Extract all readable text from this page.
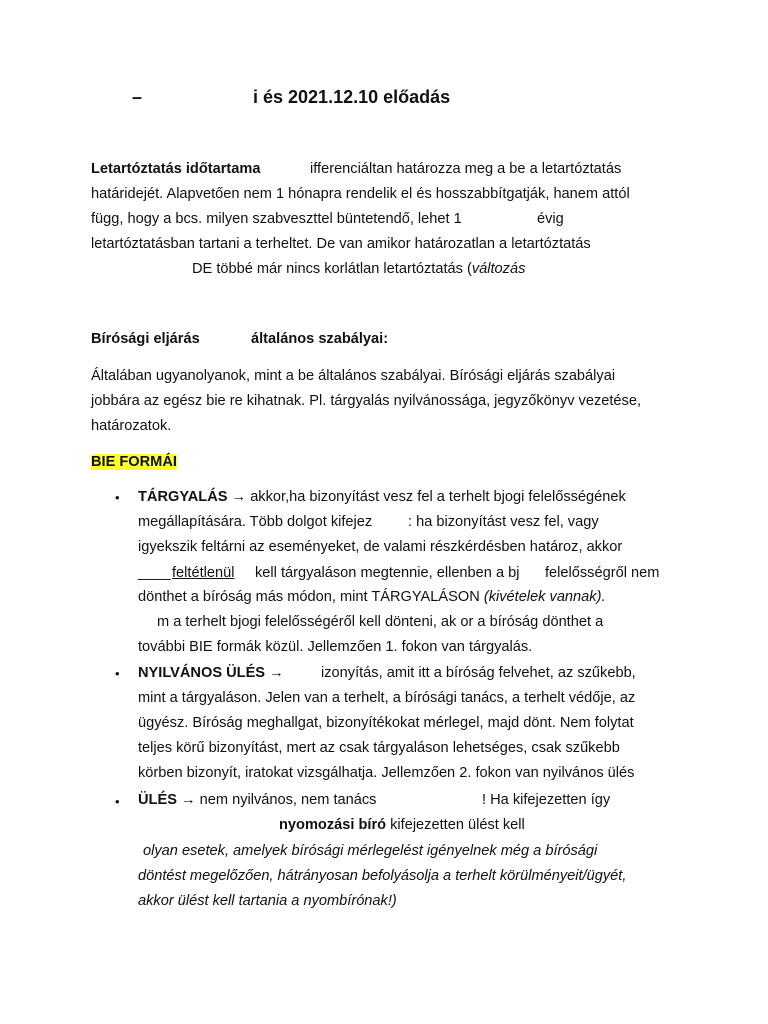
–	i és 2021.12.10 előadás
Letartóztatás időtartama	ifferenciáltan határozza meg a be a letartóztatás
határidejét. Alapvetően nem 1 hónapra rendelik el és hosszabbítgatják, hanem attól
függ, hogy a bcs. milyen szabveszttel büntetendő, lehet 1	évig
letartóztatásban tartani a terheltet. De van amikor határozatlan a letartóztatás
DE többé már nincs korlátlan letartóztatás (változás
Bírósági eljárás	általános szabályai:
Általában ugyanolyanok, mint a be általános szabályai. Bírósági eljárás szabályai
jobbára az egész bie re kihatnak. Pl. tárgyalás nyilvánossága, jegyzőkönyv vezetése,
határozatok.
BIE FORMÁI
• TÁRGYALÁS → akkor,ha bizonyítást vesz fel a terhelt bjogi felelősségének
megállapítására. Több dolgot kifejez : ha bizonyítást vesz fel, vagy
igyekszik feltárni az eseményeket, de valami részkérdésben határoz, akkor
____ feltétlenül kell tárgyaláson megtennie, ellenben a bj felelősségről nem
dönthet a bíróság más módon, mint TÁRGYALÁSON (kivételek vannak).
m a terhelt bjogi felelősségéről kell dönteni, ak or a bíróság dönthet a
további BIE formák közül. Jellemzően 1. fokon van tárgyalás.
• NYILVÁNOS ÜLÉS →	izonyítás, amit itt a bíróság felvehet, az szűkebb,
mint a tárgyaláson. Jelen van a terhelt, a bírósági tanács, a terhelt védője, az
ügyész. Bíróság meghallgat, bizonyítékokat mérlegel, majd dönt. Nem folytat
teljes körű bizonyítást, mert az csak tárgyaláson lehetséges, csak szűkebb
körben bizonyít, iratokat vizsgálhatja. Jellemzően 2. fokon van nyilvános ülés
• ÜLÉS → nem nyilvános, nem tanács	! Ha kifejezetten így
nyomozási bíró kifejezetten ülést kell
olyan esetek, amelyek bírósági mérlegelést igényelnek még a bírósági
döntést megelőzően, hátrányosan befolyásolja a terhelt körülményeit/ügyét,
akkor ülést kell tartania a nyombírónak!)
